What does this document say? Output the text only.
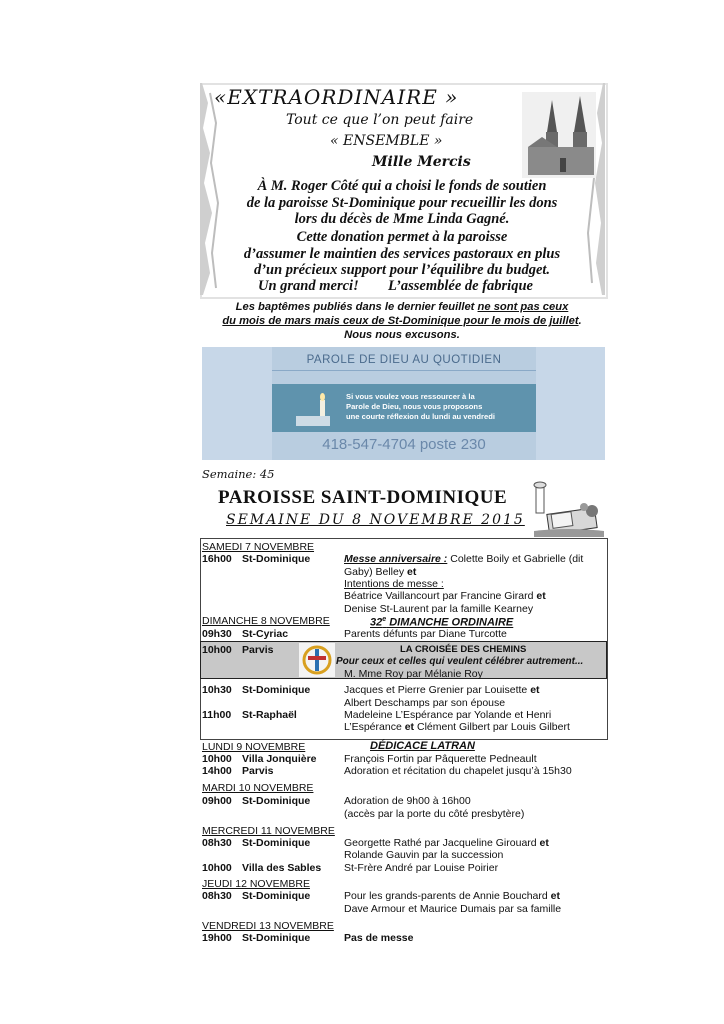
«EXTRAORDINAIRE »
Tout ce que l’on peut faire
« ENSEMBLE »
Mille Mercis
À M. Roger Côté qui a choisi le fonds de soutien
de la paroisse St-Dominique pour recueillir les dons
lors du décès de Mme Linda Gagné.
Cette donation permet à la paroisse
d’assumer le maintien des services pastoraux en plus
d’un précieux support pour l’équilibre du budget.
Un grand merci! L’assemblée de fabrique
Les baptêmes publiés dans le dernier feuillet ne sont pas ceux
du mois de mars mais ceux de St-Dominique pour le mois de juillet.
Nous nous excusons.
PAROLE DE DIEU AU QUOTIDIEN
Si vous voulez vous ressourcer à la
Parole de Dieu, nous vous proposons
une courte réflexion du lundi au vendredi
418-547-4704 poste 230
Semaine: 45
PAROISSE SAINT-DOMINIQUE
SEMAINE DU 8 NOVEMBRE 2015
SAMEDI 7 NOVEMBRE
16h00 St-Dominique	Messe anniversaire : Colette Boily et Gabrielle (dit
Gaby) Belley et
Intentions de messe :
Béatrice Vaillancourt par Francine Girard et
Denise St-Laurent par la famille Kearney
DIMANCHE 8 NOVEMBRE	32e DIMANCHE ORDINAIRE
09h30 St-Cyriac	Parents défunts par Diane Turcotte
10h00 Parvis	LA CROISÉE DES CHEMINS
Pour ceux et celles qui veulent célébrer autrement...
M. Mme Roy par Mélanie Roy
10h30 St-Dominique	Jacques et Pierre Grenier par Louisette et
Albert Deschamps par son épouse
11h00 St-Raphaël	Madeleine L’Espérance par Yolande et Henri
L’Espérance et Clément Gilbert par Louis Gilbert
LUNDI 9 NOVEMBRE	DÉDICACE LATRAN
10h00 Villa Jonquière	François Fortin par Pâquerette Pedneault
14h00 Parvis	Adoration et récitation du chapelet jusqu’à 15h30
MARDI 10 NOVEMBRE
09h00 St-Dominique	Adoration de 9h00 à 16h00
(accès par la porte du côté presbytère)
MERCREDI 11 NOVEMBRE
08h30 St-Dominique	Georgette Rathé par Jacqueline Girouard et
Rolande Gauvin par la succession
10h00 Villa des Sables St-Frère André par Louise Poirier
JEUDI 12 NOVEMBRE
08h30 St-Dominique	Pour les grands-parents de Annie Bouchard et
Dave Armour et Maurice Dumais par sa famille
VENDREDI 13 NOVEMBRE
19h00 St-Dominique	Pas de messe
